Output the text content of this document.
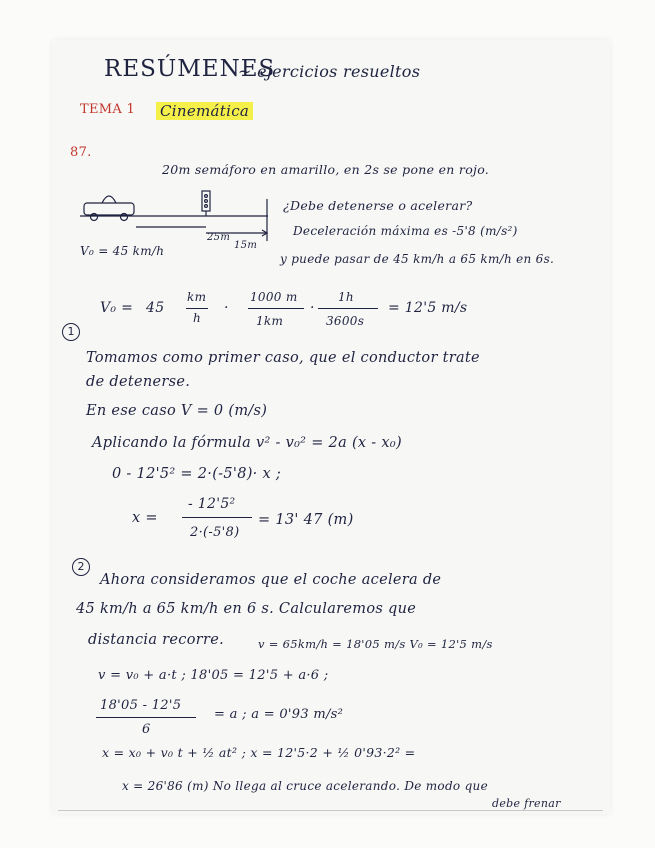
RESÚMENES
~ ejercicios resueltos
TEMA 1 Cinemática
87.
20m semáforo en amarillo, en 2s se pone en rojo.
¿Debe detenerse o acelerar?
Deceleración máxima es -5'8 (m/s²)
y puede pasar de 45 km/h a 65 km/h en 6s.
25m
15m
V₀ = 45 km/h
V₀ = 45
km
h
·
1000 m
1km
·
1h
3600s
= 12'5 m/s
1
Tomamos como primer caso, que el conductor trate
de detenerse.
En ese caso V = 0 (m/s)
Aplicando la fórmula v² - v₀² = 2a (x - x₀)
0 - 12'5² = 2·(-5'8)· x ;
x =
- 12'5²
2·(-5'8)
= 13' 47 (m)
2
Ahora consideramos que el coche acelera de
45 km/h a 65 km/h en 6 s. Calcularemos que
distancia recorre.	v = 65km/h = 18'05 m/s V₀ = 12'5 m/s
v = v₀ + a·t ; 18'05 = 12'5 + a·6 ;
18'05 - 12'5
6
= a ; a = 0'93 m/s²
x = x₀ + v₀ t + ½ at² ; x = 12'5·2 + ½ 0'93·2² =
x = 26'86 (m) No llega al cruce acelerando. De modo que
debe frenar
